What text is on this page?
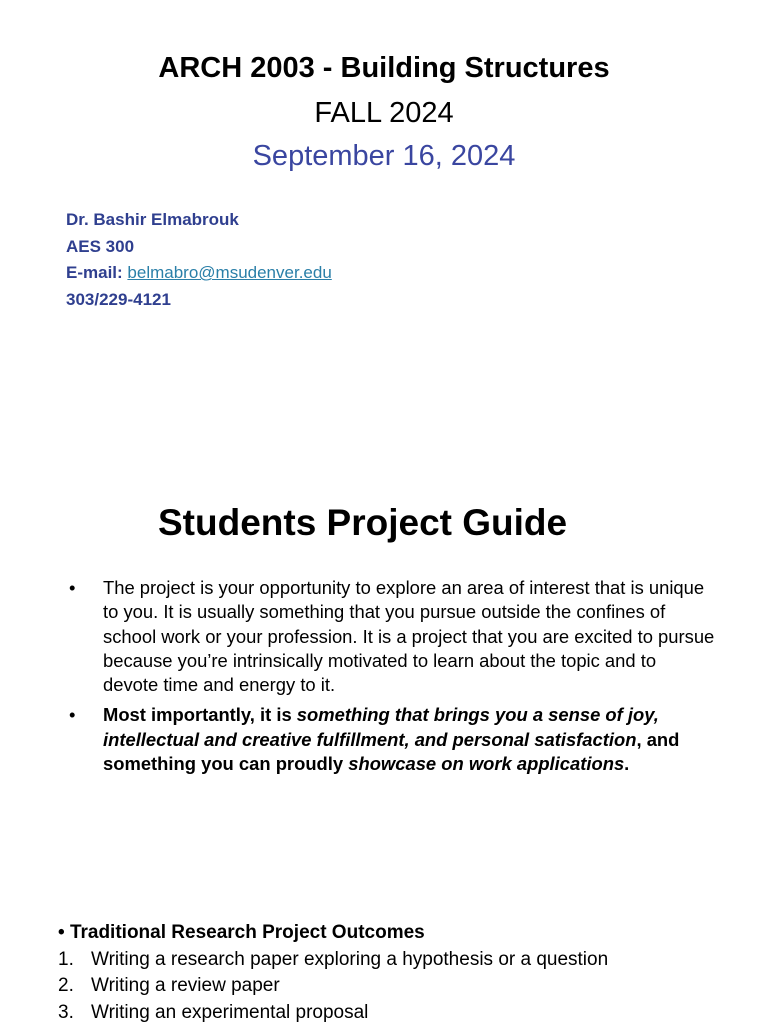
ARCH 2003 - Building Structures
FALL 2024
September 16, 2024
Dr. Bashir Elmabrouk
AES 300
E-mail: belmabro@msudenver.edu
303/229-4121
Students Project Guide
•	The project is your opportunity to explore an area of interest that is unique to you. It is usually something that you pursue outside the confines of school work or your profession. It is a project that you are excited to pursue because you’re intrinsically motivated to learn about the topic and to devote time and energy to it.
•	Most importantly, it is something that brings you a sense of joy, intellectual and creative fulfillment, and personal satisfaction, and something you can proudly showcase on work applications.
• Traditional Research Project Outcomes
1. Writing a research paper exploring a hypothesis or a question
2. Writing a review paper
3. Writing an experimental proposal
